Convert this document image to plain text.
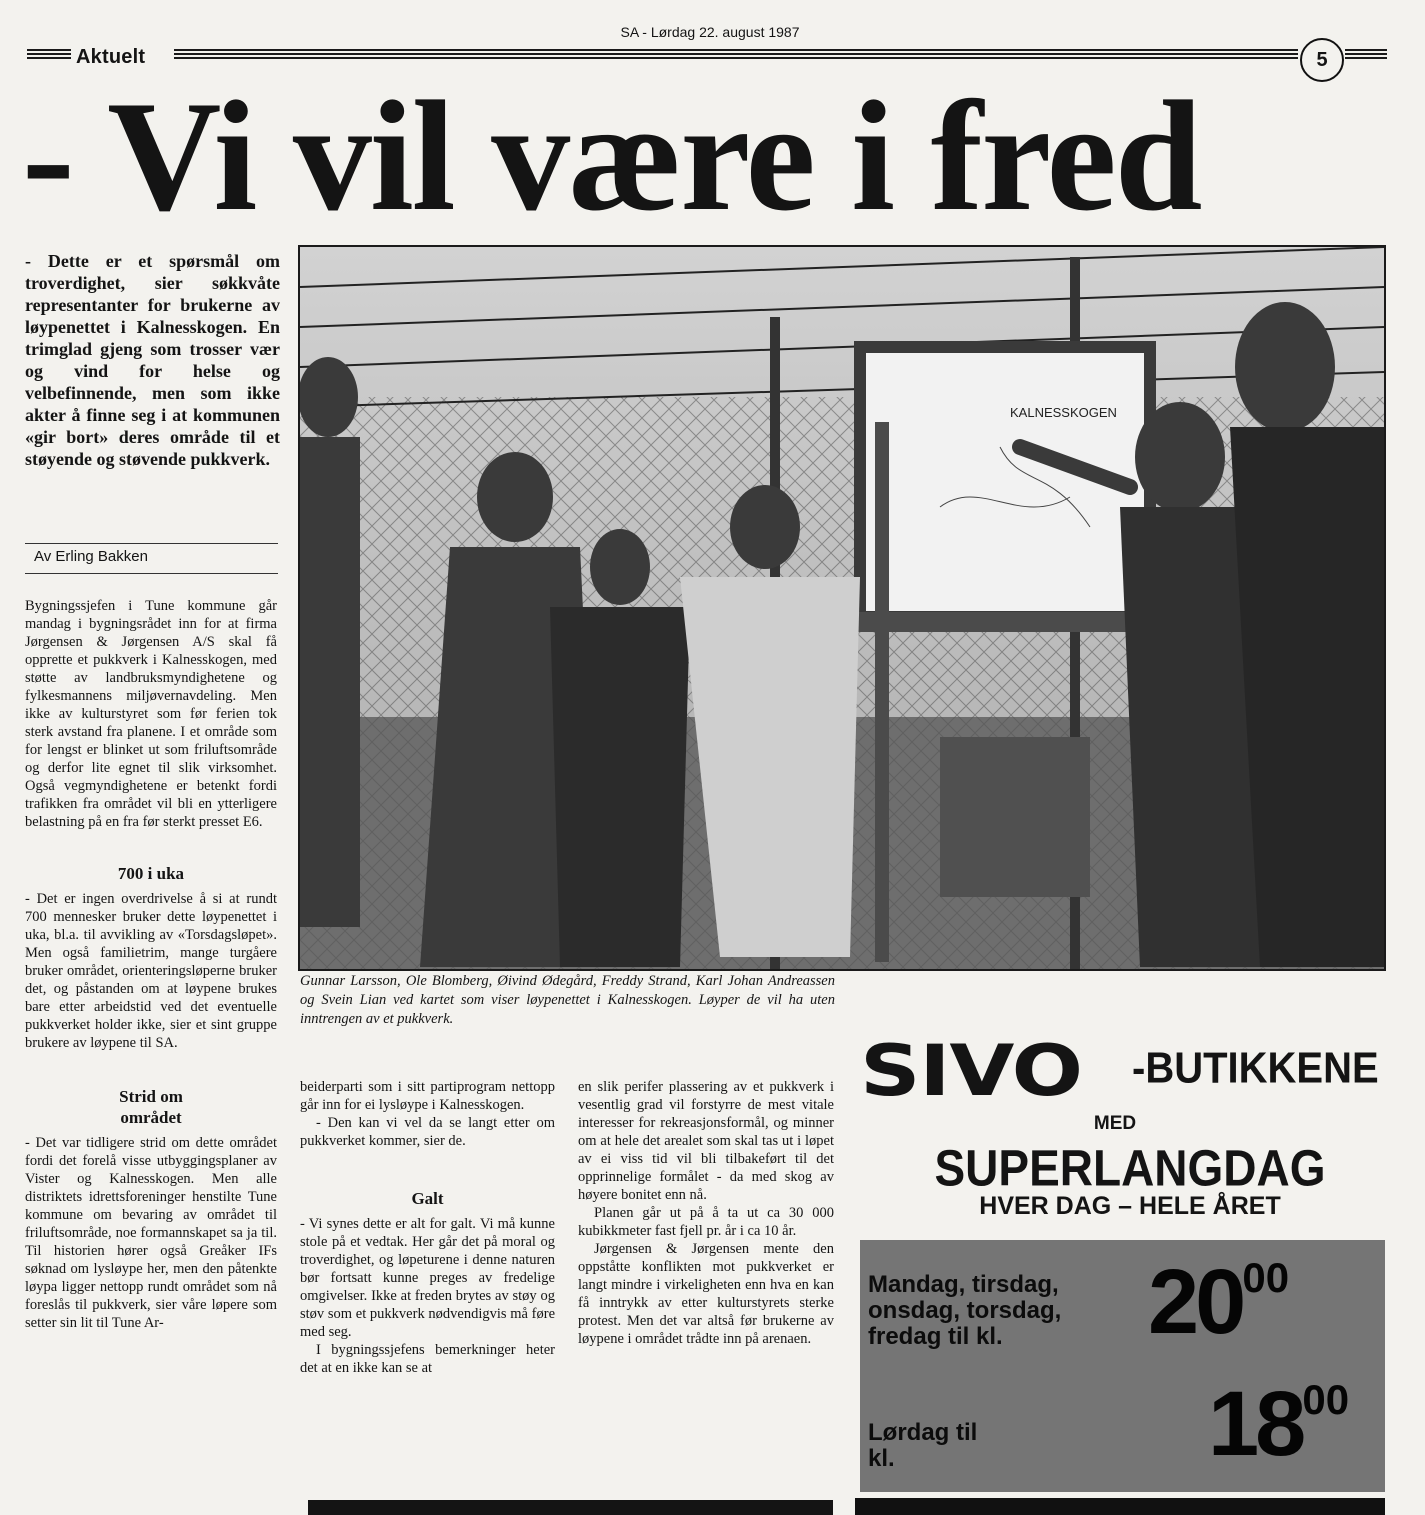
SA - Lørdag 22. august 1987
Aktuelt	5
- Vi vil være i fred
- Dette er et spørsmål om troverdighet, sier søkkvåte representanter for brukerne av løypenettet i Kalnesskogen. En trimglad gjeng som trosser vær og vind for helse og velbefinnende, men som ikke akter å finne seg i at kommunen «gir bort» deres område til et støyende og støvende pukkverk.
Av Erling Bakken
Bygningssjefen i Tune kommune går mandag i bygningsrådet inn for at firma Jørgensen & Jørgensen A/S skal få opprette et pukkverk i Kalnesskogen, med støtte av landbruksmyndighetene og fylkesmannens miljøvernavdeling. Men ikke av kulturstyret som før ferien tok sterk avstand fra planene. I et område som for lengst er blinket ut som friluftsområde og derfor lite egnet til slik virksomhet. Også vegmyndighetene er betenkt fordi trafikken fra området vil bli en ytterligere belastning på en fra før sterkt presset E6.
700 i uka
- Det er ingen overdrivelse å si at rundt 700 mennesker bruker dette løypenettet i uka, bl.a. til avvikling av «Torsdagsløpet». Men også familietrim, mange turgåere bruker området, orienteringsløperne bruker det, og påstanden om at løypene brukes bare etter arbeidstid ved det eventuelle pukkverket holder ikke, sier et sint gruppe brukere av løypene til SA.
Strid om området
- Det var tidligere strid om dette området fordi det forelå visse utbyggingsplaner av Vister og Kalnesskogen. Men alle distriktets idrettsforeninger henstilte Tune kommune om bevaring av området til friluftsområde, noe formannskapet sa ja til. Til historien hører også Greåker IFs søknad om lysløype her, men den påtenkte løypa ligger nettopp rundt området som nå foreslås til pukkverk, sier våre løpere som setter sin lit til Tune Ar-
KALNESSKOGEN
Gunnar Larsson, Ole Blomberg, Øivind Ødegård, Freddy Strand, Karl Johan Andreassen og Svein Lian ved kartet som viser løypenettet i Kalnesskogen. Løyper de vil ha uten inntrengen av et pukkverk.
beiderparti som i sitt partiprogram nettopp går inn for ei lysløype i Kalnesskogen.
- Den kan vi vel da se langt etter om pukkverket kommer, sier de.
Galt
- Vi synes dette er alt for galt. Vi må kunne stole på et vedtak. Her går det på moral og troverdighet, og løpeturene i denne naturen bør fortsatt kunne preges av fredelige omgivelser. Ikke at freden brytes av støy og støv som et pukkverk nødvendigvis må føre med seg.
I bygningssjefens bemerkninger heter det at en ikke kan se at
en slik perifer plassering av et pukkverk i vesentlig grad vil forstyrre de mest vitale interesser for rekreasjonsformål, og minner om at hele det arealet som skal tas ut i løpet av ei viss tid vil bli tilbakeført til det opprinnelige formålet - da med skog av høyere bonitet enn nå.
Planen går ut på å ta ut ca 30 000 kubikkmeter fast fjell pr. år i ca 10 år.
Jørgensen & Jørgensen mente den oppståtte konflikten mot pukkverket er langt mindre i virkeligheten enn hva en kan få inntrykk av etter kulturstyrets sterke protest. Men det var altså før brukerne av løypene i området trådte inn på arenaen.
SIVO -BUTIKKENE
MED
SUPERLANGDAG
HVER DAG – HELE ÅRET
Mandag, tirsdag, onsdag, torsdag, fredag til kl.	$20^{00}$
Lørdag til kl.	$18^{00}$
